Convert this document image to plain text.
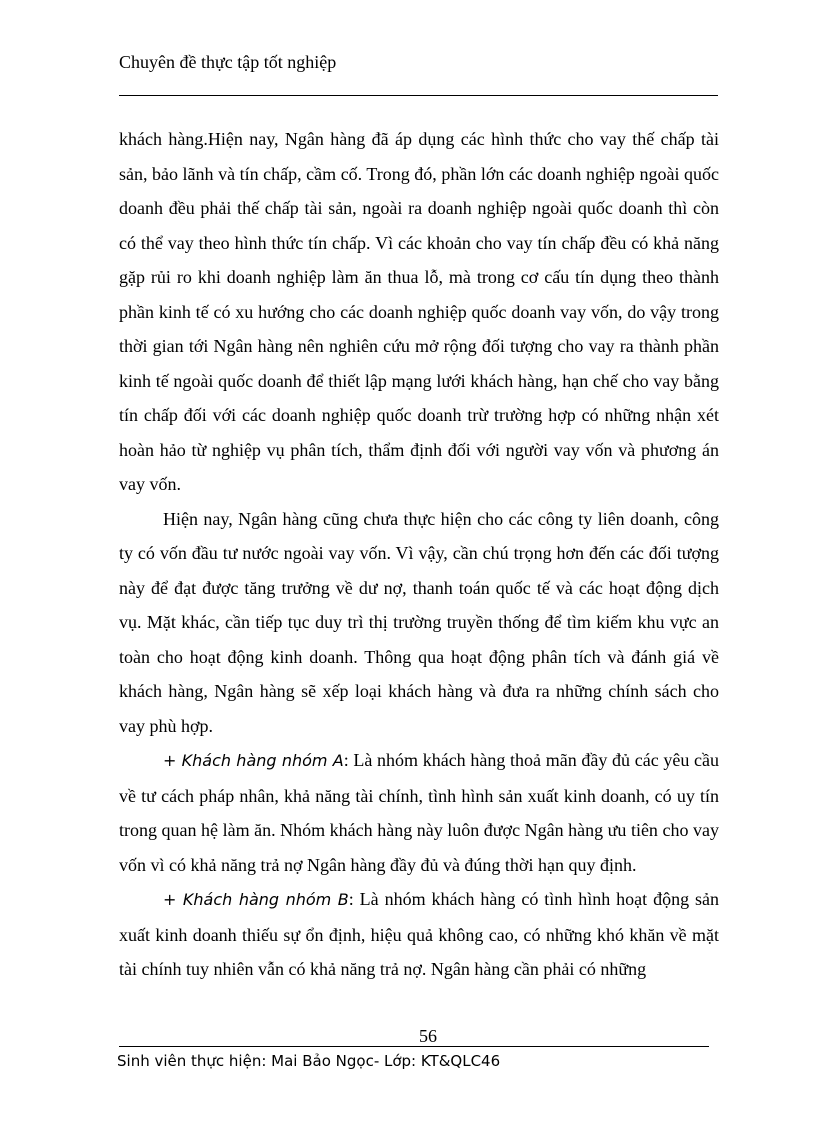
Chuyên đề thực tập tốt nghiệp

khách hàng.Hiện nay, Ngân hàng đã áp dụng các hình thức cho vay thế chấp tài sản, bảo lãnh và tín chấp, cầm cố. Trong đó, phần lớn các doanh nghiệp ngoài quốc doanh đều phải thế chấp tài sản, ngoài ra doanh nghiệp ngoài quốc doanh thì còn có thể vay theo hình thức tín chấp. Vì các khoản cho vay tín chấp đều có khả năng gặp rủi ro khi doanh nghiệp làm ăn thua lỗ, mà trong cơ cấu tín dụng theo thành phần kinh tế có xu hướng cho các doanh nghiệp quốc doanh vay vốn, do vậy trong thời gian tới Ngân hàng nên nghiên cứu mở rộng đối tượng cho vay ra thành phần kinh tế ngoài quốc doanh để thiết lập mạng lưới khách hàng, hạn chế cho vay bằng tín chấp đối với các doanh nghiệp quốc doanh trừ trường hợp có những nhận xét hoàn hảo từ nghiệp vụ phân tích, thẩm định đối với người vay vốn và phương án vay vốn.

Hiện nay, Ngân hàng cũng chưa thực hiện cho các công ty liên doanh, công ty có vốn đầu tư nước ngoài vay vốn. Vì vậy, cần chú trọng hơn đến các đối tượng này để đạt được tăng trưởng về dư nợ, thanh toán quốc tế và các hoạt động dịch vụ. Mặt khác, cần tiếp tục duy trì thị trường truyền thống để tìm kiếm khu vực an toàn cho hoạt động kinh doanh. Thông qua hoạt động phân tích và đánh giá về khách hàng, Ngân hàng sẽ xếp loại khách hàng và đưa ra những chính sách cho vay phù hợp.

+ Khách hàng nhóm A: Là nhóm khách hàng thoả mãn đầy đủ các yêu cầu về tư cách pháp nhân, khả năng tài chính, tình hình sản xuất kinh doanh, có uy tín trong quan hệ làm ăn. Nhóm khách hàng này luôn được Ngân hàng ưu tiên cho vay vốn vì có khả năng trả nợ Ngân hàng đầy đủ và đúng thời hạn quy định.

+ Khách hàng nhóm B: Là nhóm khách hàng có tình hình hoạt động sản xuất kinh doanh thiếu sự ổn định, hiệu quả không cao, có những khó khăn về mặt tài chính tuy nhiên vẫn có khả năng trả nợ. Ngân hàng cần phải có những

56
Sinh viên thực hiện: Mai Bảo Ngọc- Lớp: KT&QLC46
